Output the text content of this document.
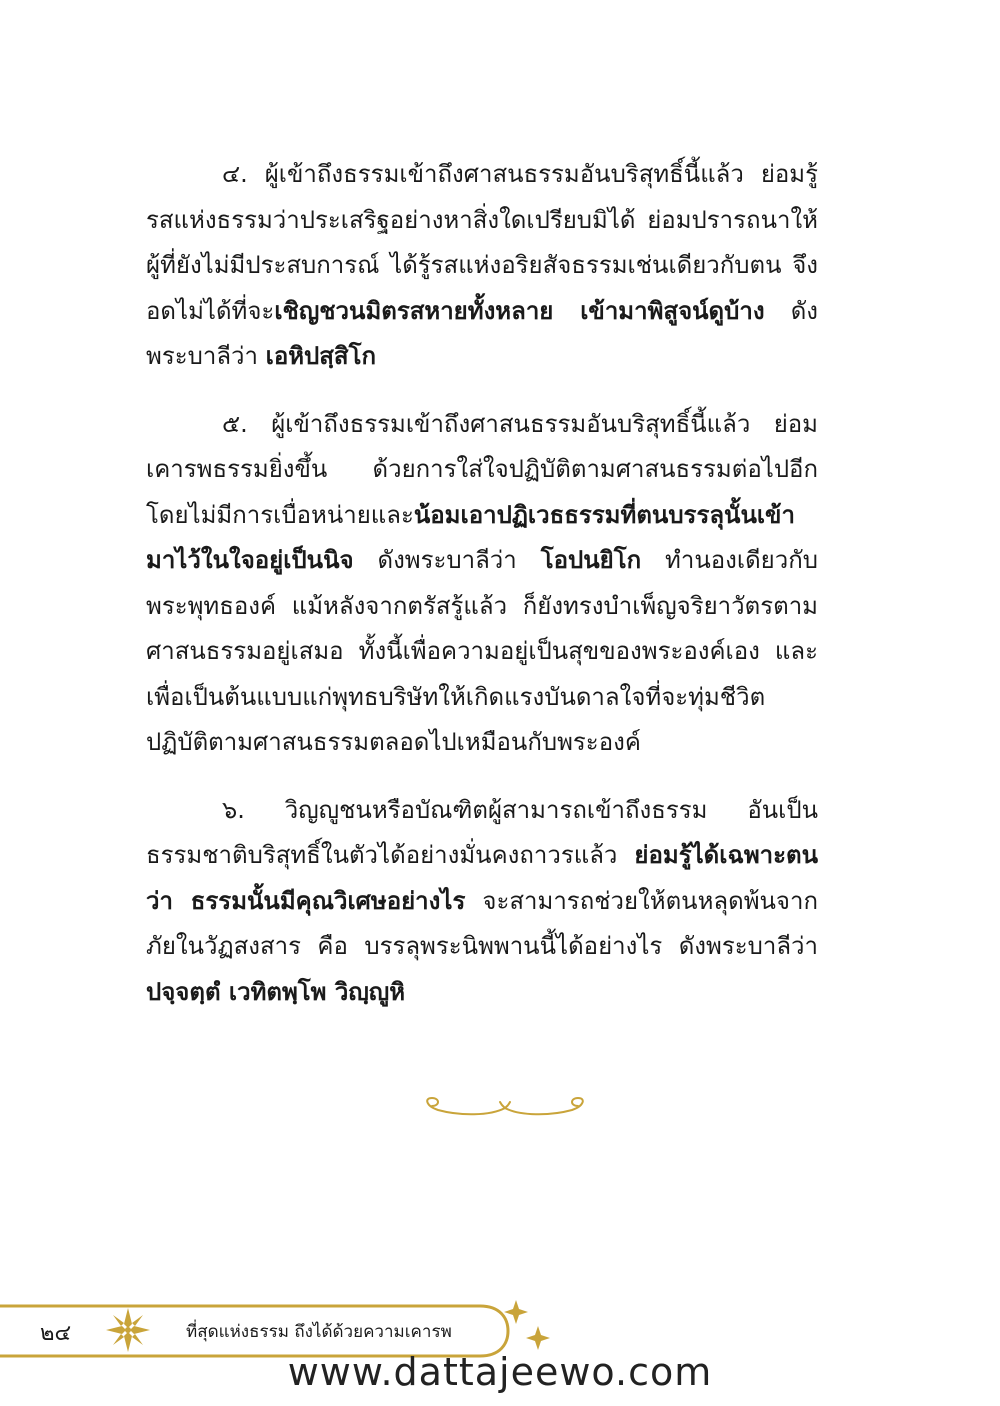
๔. ผู้เข้าถึงธรรมเข้าถึงศาสนธรรมอันบริสุทธิ์นี้แล้ว ย่อมรู้รสแห่งธรรมว่าประเสริฐอย่างหาสิ่งใดเปรียบมิได้ ย่อมปรารถนาให้ผู้ที่ยังไม่มีประสบการณ์ ได้รู้รสแห่งอริยสัจธรรมเช่นเดียวกับตน จึงอดไม่ได้ที่จะเชิญชวนมิตรสหายทั้งหลาย เข้ามาพิสูจน์ดูบ้าง ดังพระบาลีว่า เอหิปสฺสิโก

๕. ผู้เข้าถึงธรรมเข้าถึงศาสนธรรมอันบริสุทธิ์นี้แล้ว ย่อมเคารพธรรมยิ่งขึ้น ด้วยการใส่ใจปฏิบัติตามศาสนธรรมต่อไปอีก โดยไม่มีการเบื่อหน่ายและน้อมเอาปฏิเวธธรรมที่ตนบรรลุนั้นเข้ามาไว้ในใจอยู่เป็นนิจ ดังพระบาลีว่า โอปนยิโก ทำนองเดียวกับพระพุทธองค์ แม้หลังจากตรัสรู้แล้ว ก็ยังทรงบำเพ็ญจริยาวัตรตามศาสนธรรมอยู่เสมอ ทั้งนี้เพื่อความอยู่เป็นสุขของพระองค์เอง และเพื่อเป็นต้นแบบแก่พุทธบริษัทให้เกิดแรงบันดาลใจที่จะทุ่มชีวิตปฏิบัติตามศาสนธรรมตลอดไปเหมือนกับพระองค์

๖. วิญญูชนหรือบัณฑิตผู้สามารถเข้าถึงธรรม อันเป็นธรรมชาติบริสุทธิ์ในตัวได้อย่างมั่นคงถาวรแล้ว ย่อมรู้ได้เฉพาะตนว่า ธรรมนั้นมีคุณวิเศษอย่างไร จะสามารถช่วยให้ตนหลุดพ้นจากภัยในวัฏสงสาร คือ บรรลุพระนิพพานนี้ได้อย่างไร ดังพระบาลีว่า ปจฺจตฺตํ เวทิตพฺโพ วิญฺญูหิ

๒๔	ที่สุดแห่งธรรม ถึงได้ด้วยความเคารพ
www.dattajeewo.com
